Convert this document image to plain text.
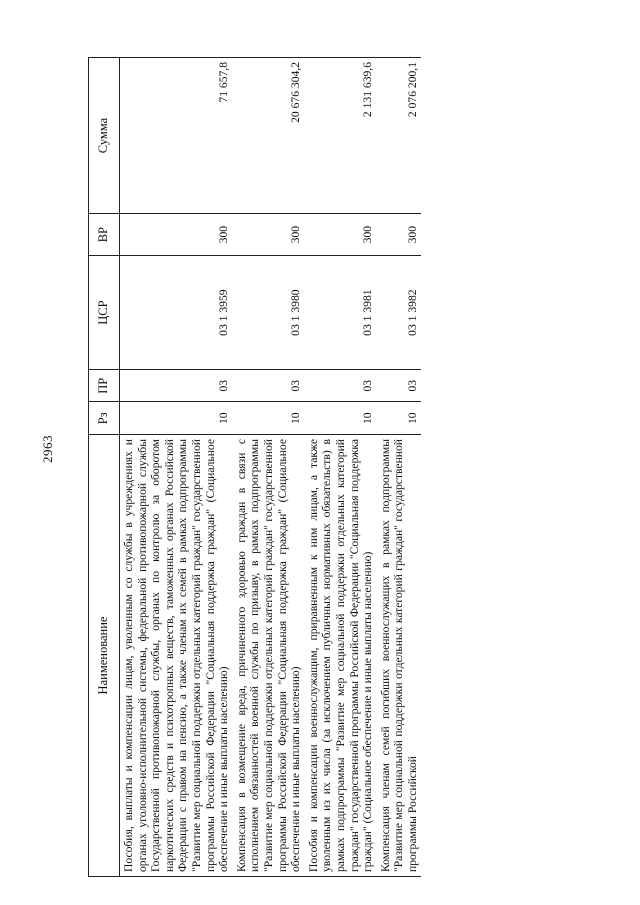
2963
Наименование	Рз	ПР	ЦСР	ВР	Сумма
Пособия, выплаты и компенсации лицам, уволенным со службы в учреждениях и органах уголовно-исполнительной системы, федеральной противопожарной службы Государственной противопожарной службы, органах по контролю за оборотом наркотических средств и психотропных веществ, таможенных органах Российской Федерации с правом на пенсию, а также членам их семей в рамках подпрограммы "Развитие мер социальной поддержки отдельных категорий граждан" государственной программы Российской Федерации "Социальная поддержка граждан" (Социальное обеспечение и иные выплаты населению)	10	03	03 1 3959	300	71 657,8
Компенсация в возмещение вреда, причиненного здоровью граждан в связи с исполнением обязанностей военной службы по призыву, в рамках подпрограммы "Развитие мер социальной поддержки отдельных категорий граждан" государственной программы Российской Федерации "Социальная поддержка граждан" (Социальное обеспечение и иные выплаты населению)	10	03	03 1 3980	300	20 676 304,2
Пособия и компенсации военнослужащим, приравненным к ним лицам, а также уволенным из их числа (за исключением публичных нормативных обязательств) в рамках подпрограммы "Развитие мер социальной поддержки отдельных категорий граждан" государственной программы Российской Федерации "Социальная поддержка граждан" (Социальное обеспечение и иные выплаты населению)	10	03	03 1 3981	300	2 131 639,6
Компенсация членам семей погибших военнослужащих в рамках подпрограммы "Развитие мер социальной поддержки отдельных категорий граждан" государственной программы Российской	10	03	03 1 3982	300	2 076 200,1
